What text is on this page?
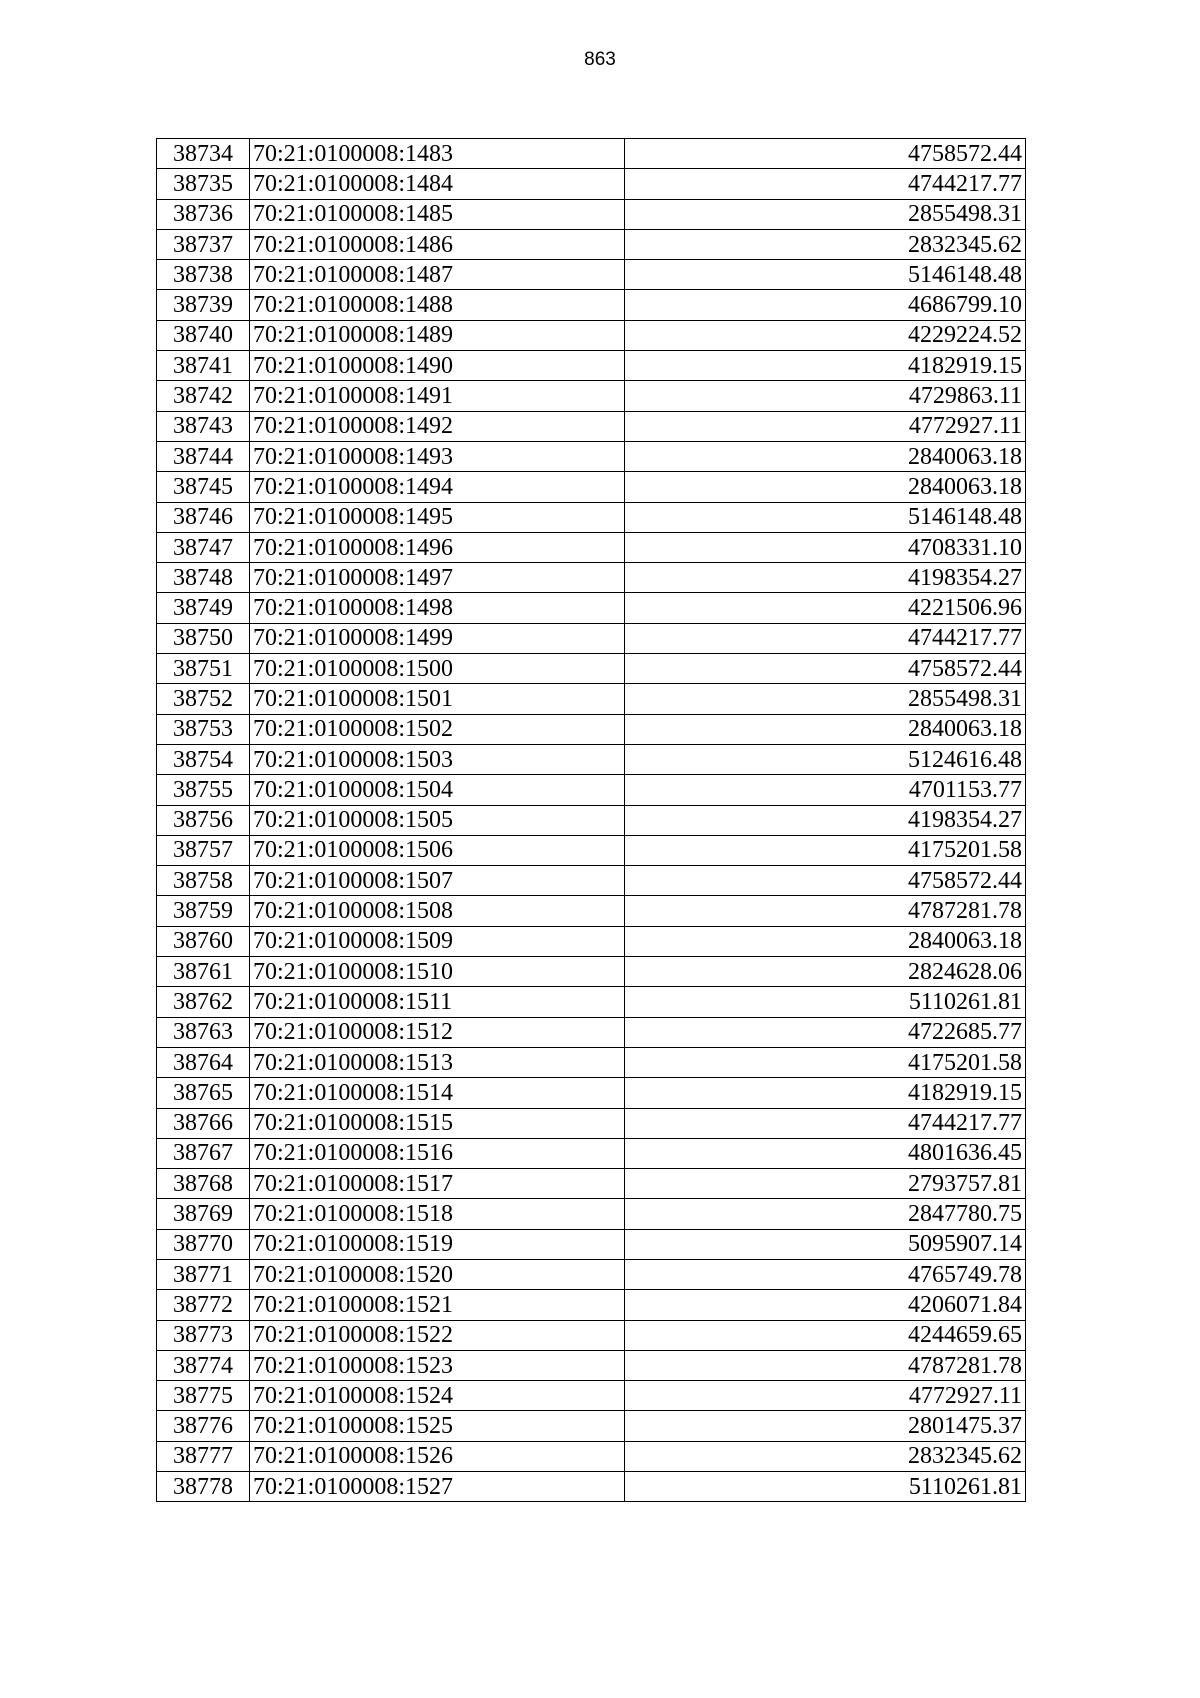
863
38734	70:21:0100008:1483	4758572.44
38735	70:21:0100008:1484	4744217.77
38736	70:21:0100008:1485	2855498.31
38737	70:21:0100008:1486	2832345.62
38738	70:21:0100008:1487	5146148.48
38739	70:21:0100008:1488	4686799.10
38740	70:21:0100008:1489	4229224.52
38741	70:21:0100008:1490	4182919.15
38742	70:21:0100008:1491	4729863.11
38743	70:21:0100008:1492	4772927.11
38744	70:21:0100008:1493	2840063.18
38745	70:21:0100008:1494	2840063.18
38746	70:21:0100008:1495	5146148.48
38747	70:21:0100008:1496	4708331.10
38748	70:21:0100008:1497	4198354.27
38749	70:21:0100008:1498	4221506.96
38750	70:21:0100008:1499	4744217.77
38751	70:21:0100008:1500	4758572.44
38752	70:21:0100008:1501	2855498.31
38753	70:21:0100008:1502	2840063.18
38754	70:21:0100008:1503	5124616.48
38755	70:21:0100008:1504	4701153.77
38756	70:21:0100008:1505	4198354.27
38757	70:21:0100008:1506	4175201.58
38758	70:21:0100008:1507	4758572.44
38759	70:21:0100008:1508	4787281.78
38760	70:21:0100008:1509	2840063.18
38761	70:21:0100008:1510	2824628.06
38762	70:21:0100008:1511	5110261.81
38763	70:21:0100008:1512	4722685.77
38764	70:21:0100008:1513	4175201.58
38765	70:21:0100008:1514	4182919.15
38766	70:21:0100008:1515	4744217.77
38767	70:21:0100008:1516	4801636.45
38768	70:21:0100008:1517	2793757.81
38769	70:21:0100008:1518	2847780.75
38770	70:21:0100008:1519	5095907.14
38771	70:21:0100008:1520	4765749.78
38772	70:21:0100008:1521	4206071.84
38773	70:21:0100008:1522	4244659.65
38774	70:21:0100008:1523	4787281.78
38775	70:21:0100008:1524	4772927.11
38776	70:21:0100008:1525	2801475.37
38777	70:21:0100008:1526	2832345.62
38778	70:21:0100008:1527	5110261.81
